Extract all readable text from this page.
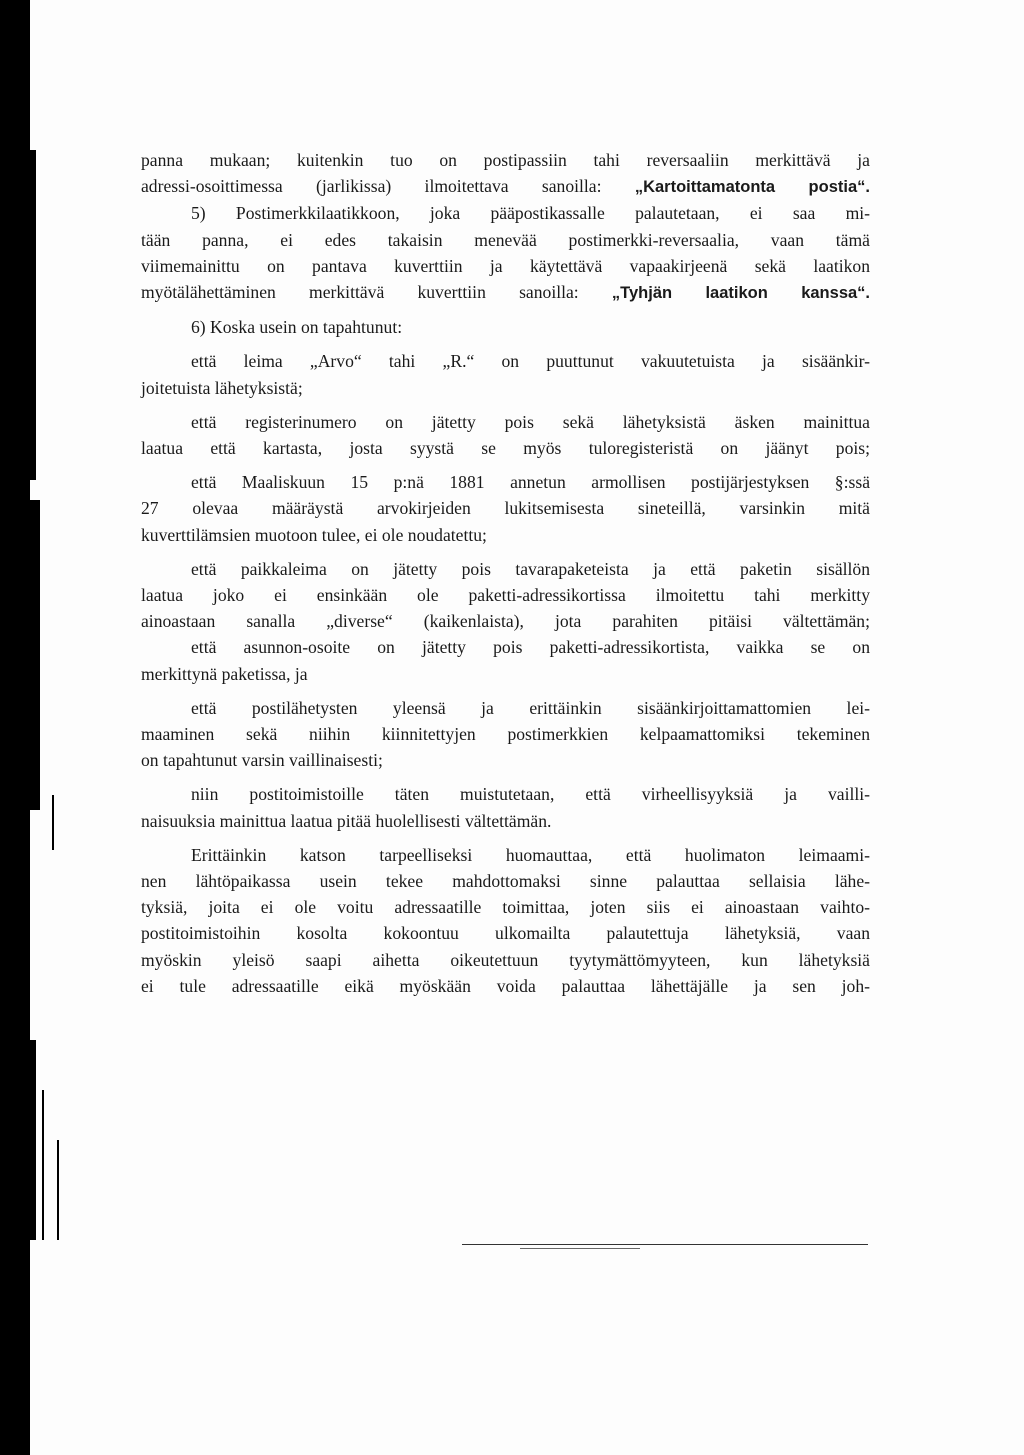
panna mukaan; kuitenkin tuo on postipassiin tahi reversaaliin merkittävä ja
adressi-osoittimessa (jarlikissa) ilmoitettava sanoilla: „Kartoittamatonta postia“.

5) Postimerkkilaatikkoon, joka pääpostikassalle palautetaan, ei saa mi-
tään panna, ei edes takaisin menevää postimerkki-reversaalia, vaan tämä
viimemainittu on pantava kuverttiin ja käytettävä vapaakirjeenä sekä laatikon
myötälähettäminen merkittävä kuverttiin sanoilla: „Tyhjän laatikon kanssa“.

6) Koska usein on tapahtunut:

että leima „Arvo“ tahi „R.“ on puuttunut vakuutetuista ja sisäänkir-
joitetuista lähetyksistä;

että registerinumero on jätetty pois sekä lähetyksistä äsken mainittua
laatua että kartasta, josta syystä se myös tuloregisteristä on jäänyt pois;

että Maaliskuun 15 p:nä 1881 annetun armollisen postijärjestyksen §:ssä
27 olevaa määräystä arvokirjeiden lukitsemisesta sineteillä, varsinkin mitä
kuverttilämsien muotoon tulee, ei ole noudatettu;

että paikkaleima on jätetty pois tavarapaketeista ja että paketin sisällön
laatua joko ei ensinkään ole paketti-adressikortissa ilmoitettu tahi merkitty
ainoastaan sanalla „diverse“ (kaikenlaista), jota parahiten pitäisi vältettämän;

että asunnon-osoite on jätetty pois paketti-adressikortista, vaikka se on
merkittynä paketissa, ja

että postilähetysten yleensä ja erittäinkin sisäänkirjoittamattomien lei-
maaminen sekä niihin kiinnitettyjen postimerkkien kelpaamattomiksi tekeminen
on tapahtunut varsin vaillinaisesti;

niin postitoimistoille täten muistutetaan, että virheellisyyksiä ja vailli-
naisuuksia mainittua laatua pitää huolellisesti vältettämän.

Erittäinkin katson tarpeelliseksi huomauttaa, että huolimaton leimaami-
nen lähtöpaikassa usein tekee mahdottomaksi sinne palauttaa sellaisia lähe-
tyksiä, joita ei ole voitu adressaatille toimittaa, joten siis ei ainoastaan vaihto-
postitoimistoihin kosolta kokoontuu ulkomailta palautettuja lähetyksiä, vaan
myöskin yleisö saapi aihetta oikeutettuun tyytymättömyyteen, kun lähetyksiä
ei tule adressaatille eikä myöskään voida palauttaa lähettäjälle ja sen joh-
